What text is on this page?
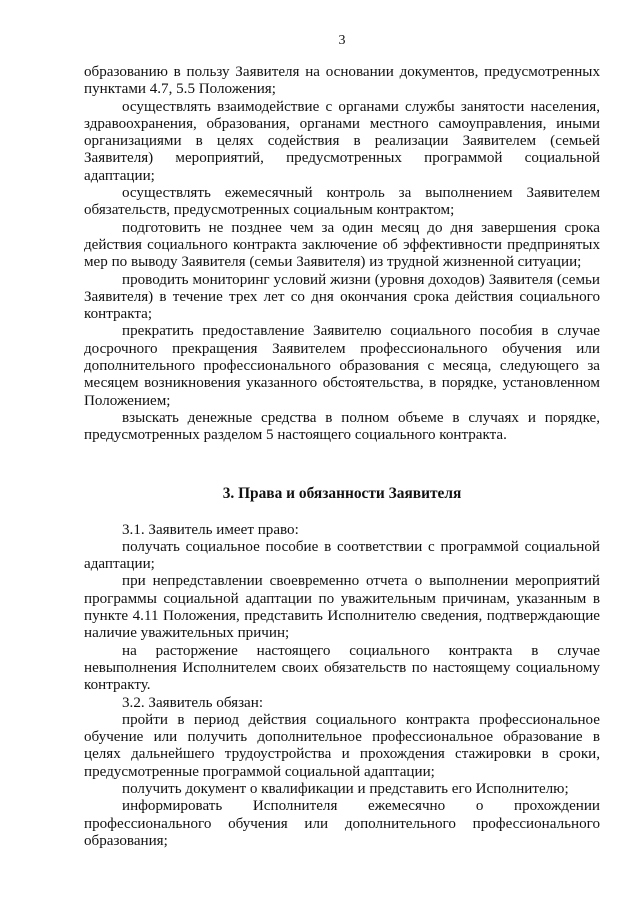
3

образованию в пользу Заявителя на основании документов, предусмотренных пунктами 4.7, 5.5 Положения;

осуществлять взаимодействие с органами службы занятости населения, здравоохранения, образования, органами местного самоуправления, иными организациями в целях содействия в реализации Заявителем (семьей Заявителя) мероприятий, предусмотренных программой социальной адаптации;

осуществлять ежемесячный контроль за выполнением Заявителем обязательств, предусмотренных социальным контрактом;

подготовить не позднее чем за один месяц до дня завершения срока действия социального контракта заключение об эффективности предпринятых мер по выводу Заявителя (семьи Заявителя) из трудной жизненной ситуации;

проводить мониторинг условий жизни (уровня доходов) Заявителя (семьи Заявителя) в течение трех лет со дня окончания срока действия социального контракта;

прекратить предоставление Заявителю социального пособия в случае досрочного прекращения Заявителем профессионального обучения или дополнительного профессионального образования с месяца, следующего за месяцем возникновения указанного обстоятельства, в порядке, установленном Положением;

взыскать денежные средства в полном объеме в случаях и порядке, предусмотренных разделом 5 настоящего социального контракта.

3. Права и обязанности Заявителя

3.1. Заявитель имеет право:

получать социальное пособие в соответствии с программой социальной адаптации;

при непредставлении своевременно отчета о выполнении мероприятий программы социальной адаптации по уважительным причинам, указанным в пункте 4.11 Положения, представить Исполнителю сведения, подтверждающие наличие уважительных причин;

на расторжение настоящего социального контракта в случае невыполнения Исполнителем своих обязательств по настоящему социальному контракту.

3.2. Заявитель обязан:

пройти в период действия социального контракта профессиональное обучение или получить дополнительное профессиональное образование в целях дальнейшего трудоустройства и прохождения стажировки в сроки, предусмотренные программой социальной адаптации;

получить документ о квалификации и представить его Исполнителю;

информировать Исполнителя ежемесячно о прохождении профессионального обучения или дополнительного профессионального образования;
